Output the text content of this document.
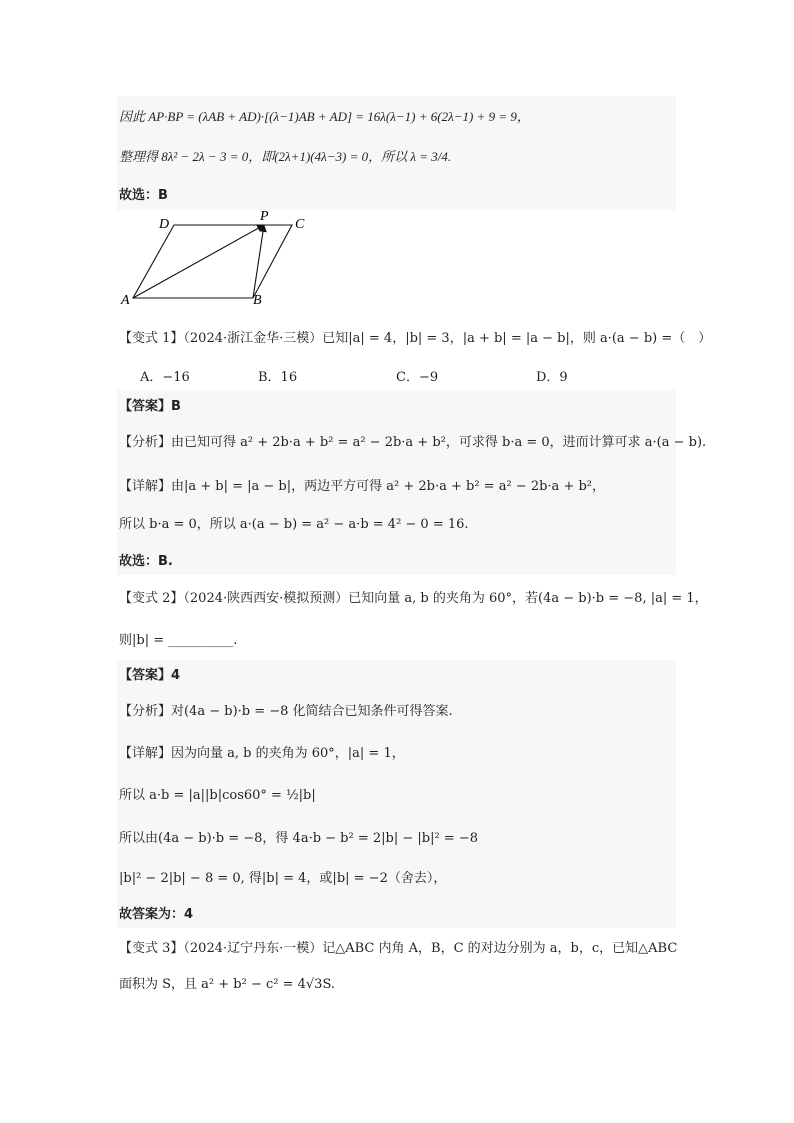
因此 AP·BP = (λAB + AD)·[(λ−1)AB + AD] = 16λ(λ−1) + 6(2λ−1) + 9 = 9，
整理得 8λ² − 2λ − 3 = 0，即(2λ+1)(4λ−3) = 0，所以 λ = 3/4.
故选：B
D
P
C
A	B
【变式 1】（2024·浙江金华·三模）已知|a| = 4，|b| = 3，|a + b| = |a − b|，则 a·(a − b) =（　）
A．−16	B．16	C．−9	D．9
【答案】B
【分析】由已知可得 a² + 2b·a + b² = a² − 2b·a + b²，可求得 b·a = 0，进而计算可求 a·(a − b).
【详解】由|a + b| = |a − b|，两边平方可得 a² + 2b·a + b² = a² − 2b·a + b²，
所以 b·a = 0，所以 a·(a − b) = a² − a·b = 4² − 0 = 16.
故选：B.
【变式 2】（2024·陕西西安·模拟预测）已知向量 a, b 的夹角为 60°，若(4a − b)·b = −8, |a| = 1，
则|b| = __________.
【答案】4
【分析】对(4a − b)·b = −8 化简结合已知条件可得答案.
【详解】因为向量 a, b 的夹角为 60°，|a| = 1，
所以 a·b = |a||b|cos60° = ½|b|
所以由(4a − b)·b = −8，得 4a·b − b² = 2|b| − |b|² = −8
|b|² − 2|b| − 8 = 0, 得|b| = 4，或|b| = −2（舍去），
故答案为：4
【变式 3】（2024·辽宁丹东·一模）记△ABC 内角 A，B，C 的对边分别为 a，b，c，已知△ABC
面积为 S，且 a² + b² − c² = 4√3S.
